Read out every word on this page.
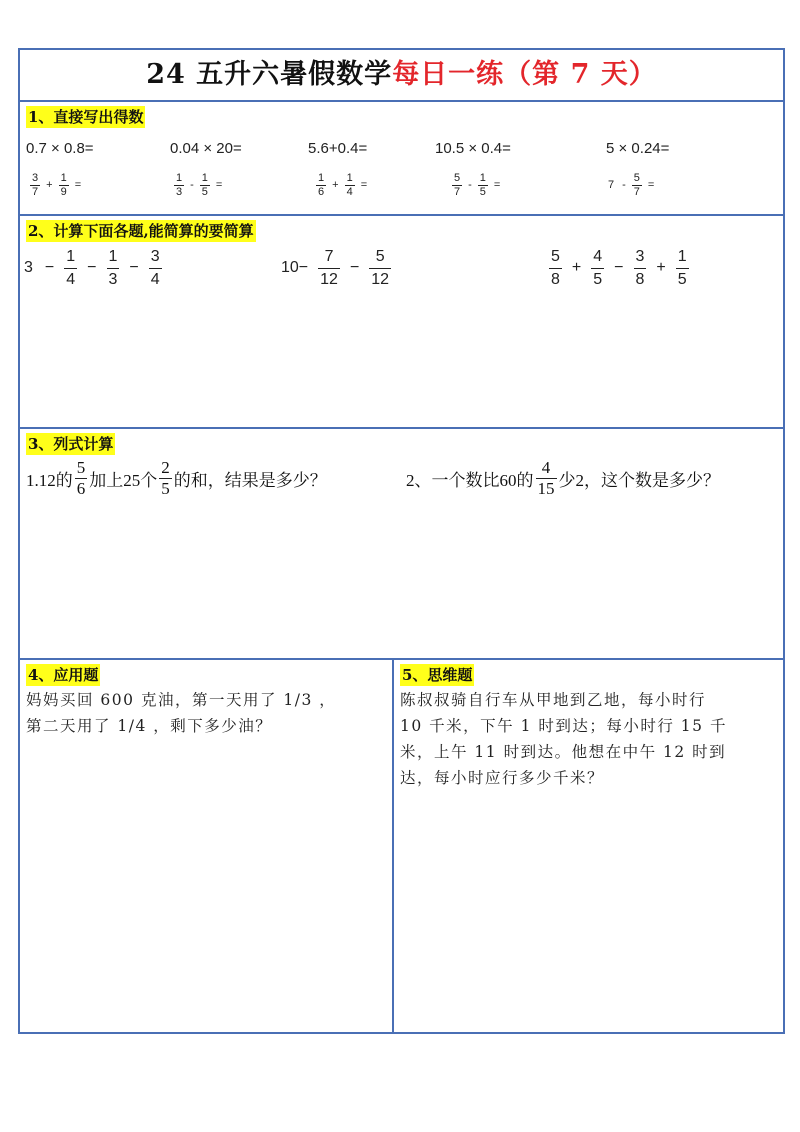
24 五升六暑假数学每日一练（第 7 天）
1、直接写出得数
0.7 × 0.8=	0.04 × 20=	5.6+0.4=	10.5 × 0.4=	5 × 0.24=
$\frac{3}{7} + \frac{1}{9}$ =	$\frac{1}{3} - \frac{1}{5}$ =	$\frac{1}{6} + \frac{1}{4}$ =	$\frac{5}{7} - \frac{1}{5}$ =	$7 - \frac{5}{7}$ =
2、计算下面各题,能简算的要简算
$3 - \frac{1}{4} - \frac{1}{3} - \frac{3}{4}$	$10- \frac{7}{12} - \frac{5}{12}$	$\frac{5}{8} + \frac{4}{5} - \frac{3}{8} + \frac{1}{5}$
3、列式计算
1.12的 $\frac{5}{6}$ 加上25个 $\frac{2}{5}$ 的和，结果是多少？	2、一个数比60的 $\frac{4}{15}$ 少2，这个数是多少？
4、应用题
妈妈买回 600 克油，第一天用了 1/3 ，
第二天用了 1/4 ，剩下多少油？
5、思维题
陈叔叔骑自行车从甲地到乙地，每小时行
10 千米，下午 1 时到达；每小时行 15 千
米，上午 11 时到达。他想在中午 12 时到
达，每小时应行多少千米？
